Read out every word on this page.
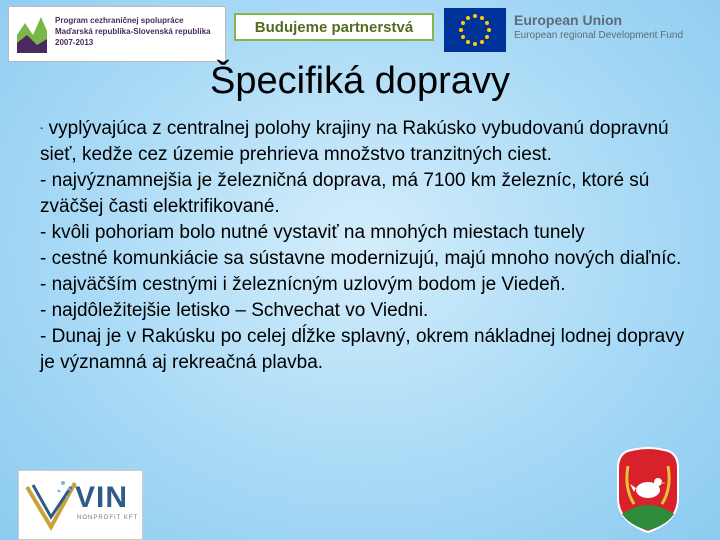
Program cezhraničnej spolupráce
Maďarská republika-Slovenská republika
2007-2013
Budujeme partnerstvá	European Union
European regional Development Fund
Špecifiká dopravy

- vyplývajúca z centralnej polohy krajiny na Rakúsko vybudovanú dopravnú sieť, kedže cez územie prehrieva množstvo tranzitných ciest.

- najvýznamnejšia je železničná doprava, má 7100 km železníc, ktoré sú zväčšej časti elektrifikované.

- kvôli pohoriam bolo nutné vystaviť na mnohých miestach tunely

- cestné komunkiácie sa sústavne modernizujú, majú mnoho nových diaľníc.

- najväčším cestnými i železnícným uzlovým bodom je Viedeň.

- najdôležitejšie letisko – Schvechat vo Viedni.

- Dunaj je v Rakúsku po celej dĺžke splavný, okrem nákladnej lodnej dopravy je významná aj rekreačná plavba.

VIN
NONPROFIT KFT
